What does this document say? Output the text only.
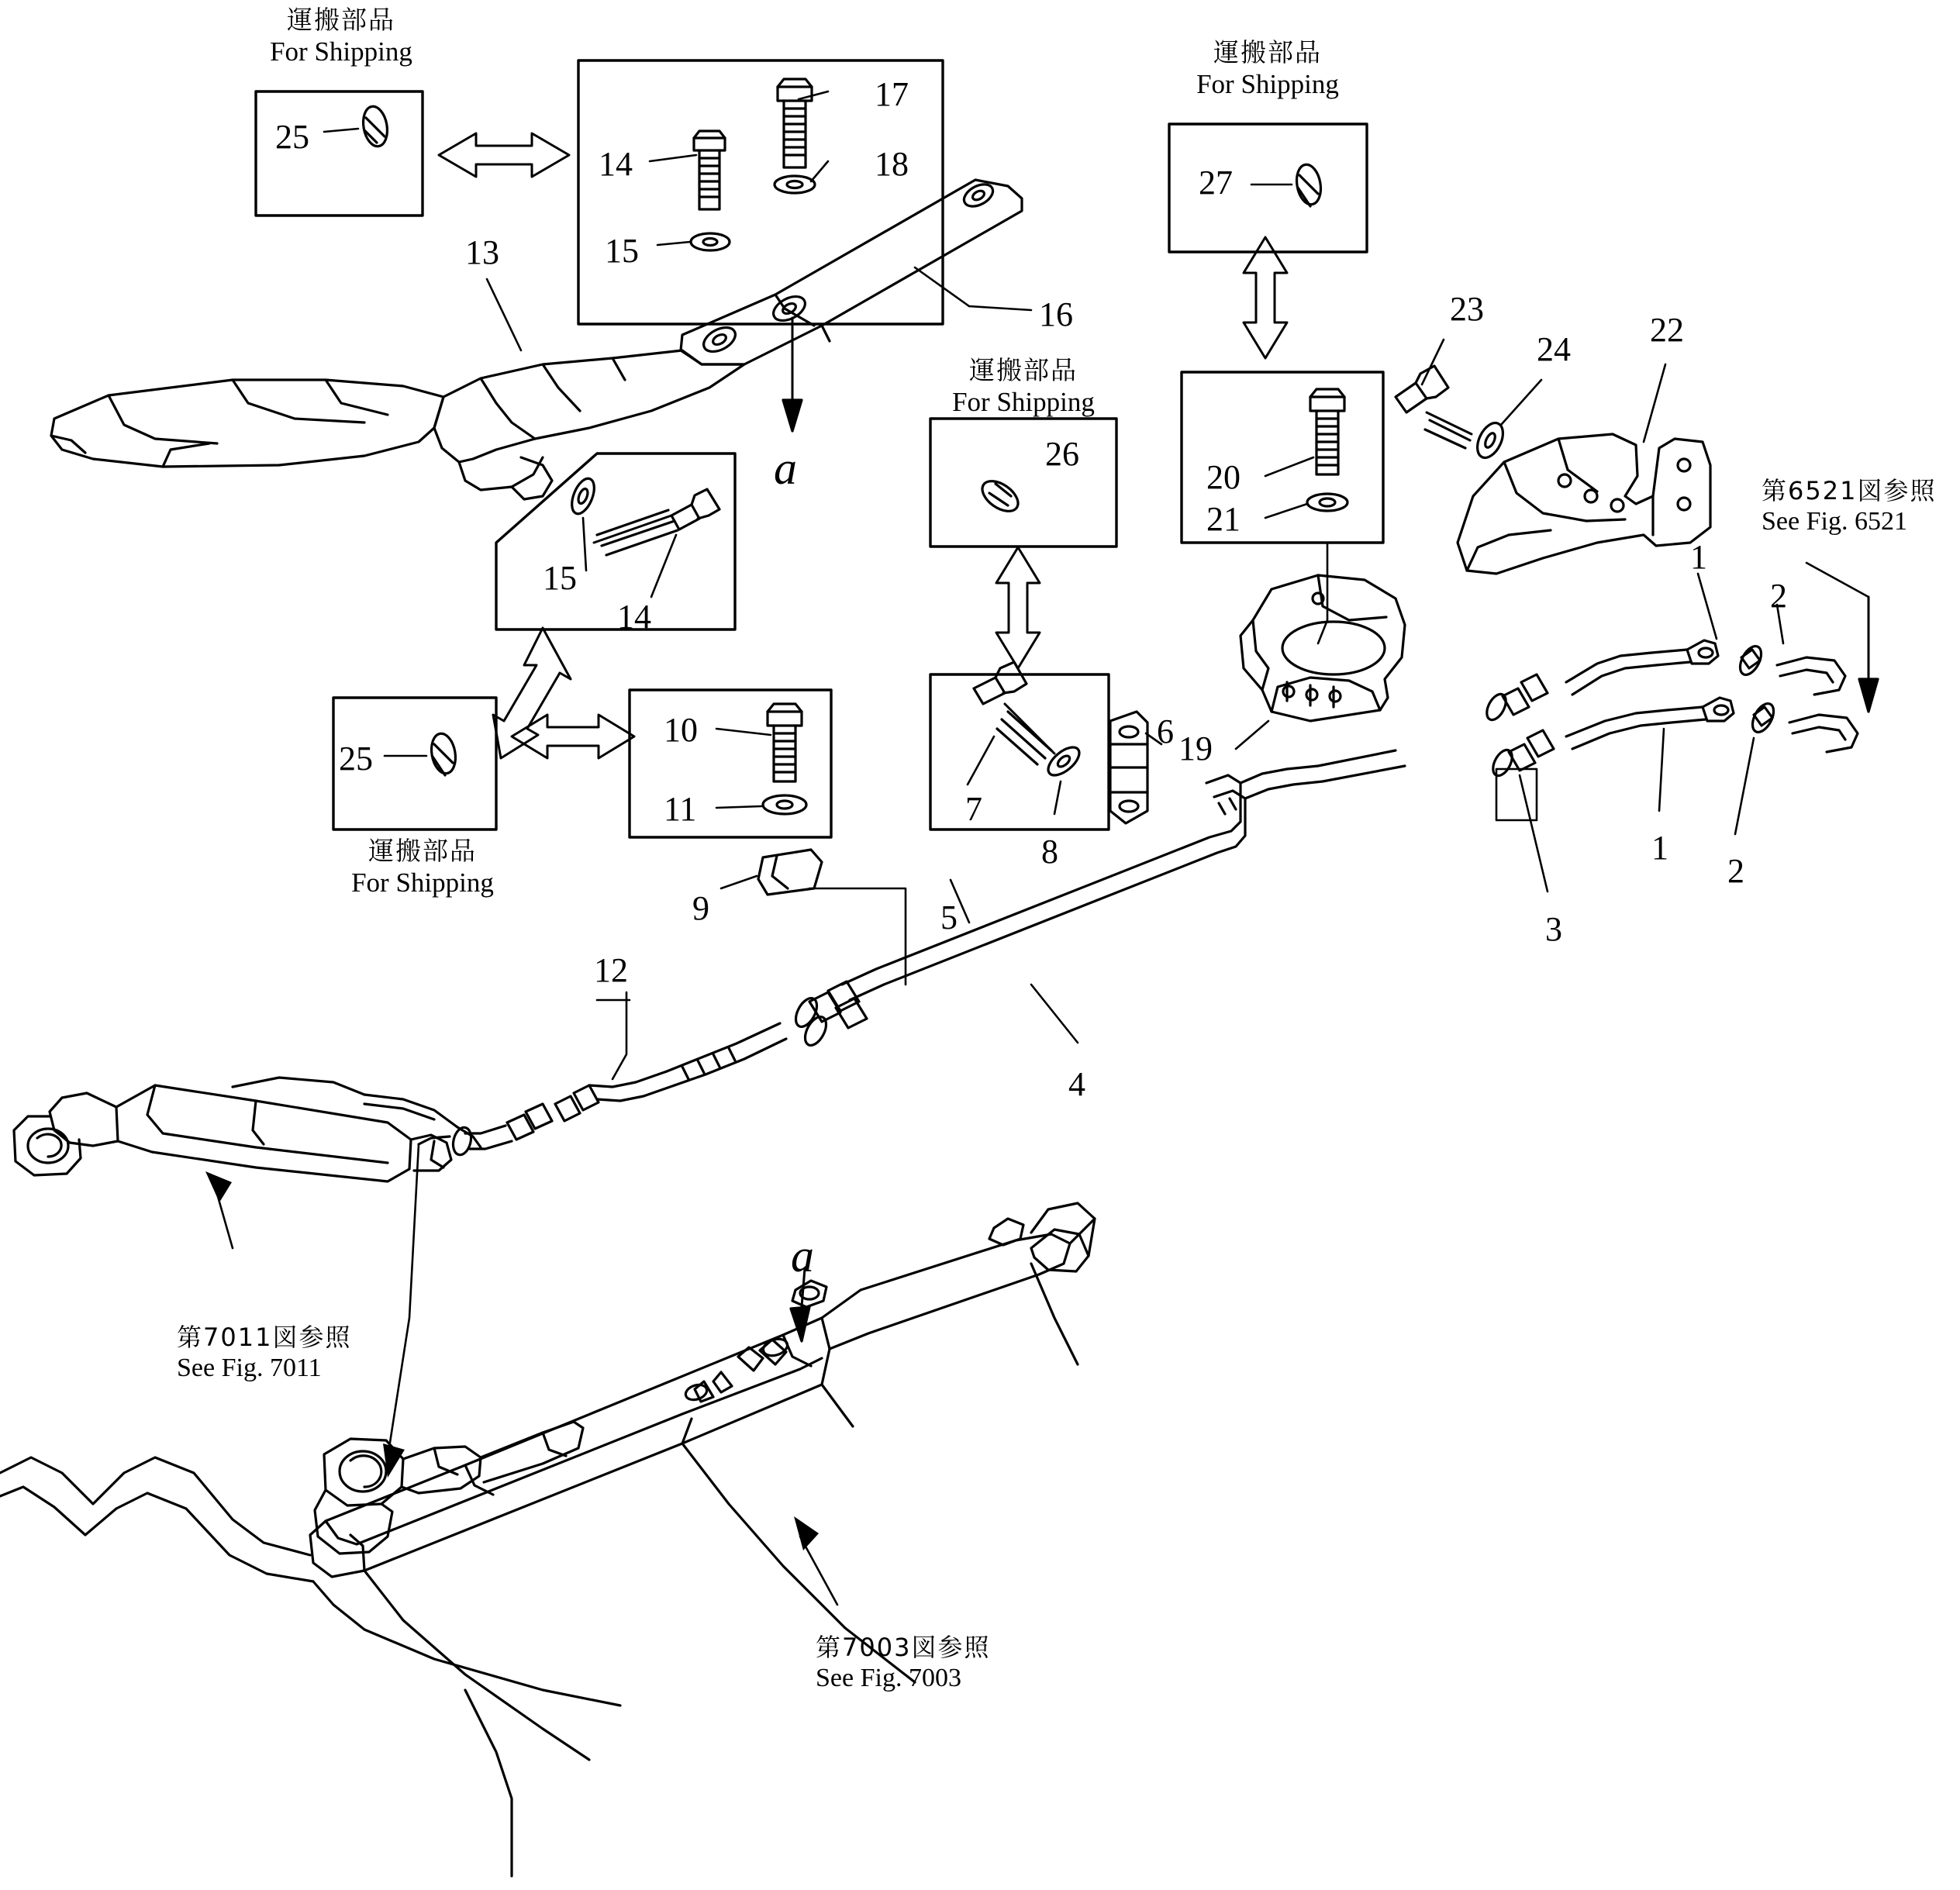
運搬部品
For Shipping	運搬部品
For Shipping
運搬部品
For Shipping
運搬部品
For Shipping
第6521図参照
See Fig. 6521
第7011図参照
See Fig. 7011
第7003図参照
See Fig. 7003
a
a
1
2
1
2
3
4
5
6
7
8
9
10
11
12
13
14
15
14
15
16
17
18
19
20
21
22
23
24
25
25
26
27
